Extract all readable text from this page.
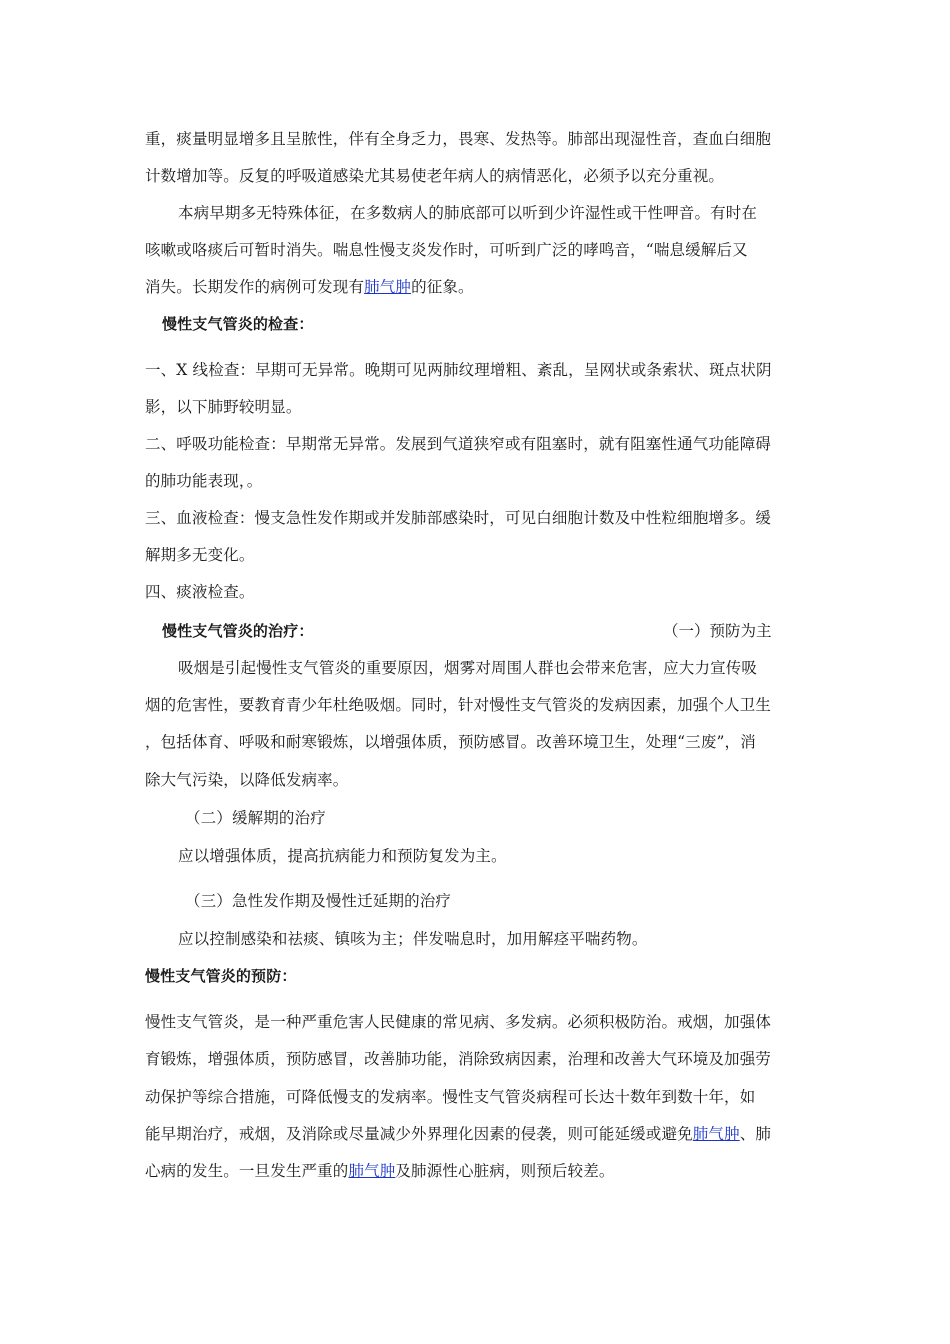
重，痰量明显增多且呈脓性，伴有全身乏力，畏寒、发热等。肺部出现湿性音，查血白细胞
计数增加等。反复的呼吸道感染尤其易使老年病人的病情恶化，必须予以充分重视。
本病早期多无特殊体征，在多数病人的肺底部可以听到少许湿性或干性呷音。有时在
咳嗽或咯痰后可暂时消失。喘息性慢支炎发作时，可听到广泛的哮鸣音，“喘息缓解后又
消失。长期发作的病例可发现有肺气肿的征象。
慢性支气管炎的检查：
一、X 线检查：早期可无异常。晚期可见两肺纹理增粗、紊乱，呈网状或条索状、斑点状阴
影，以下肺野较明显。
二、呼吸功能检查：早期常无异常。发展到气道狭窄或有阻塞时，就有阻塞性通气功能障碍
的肺功能表现，。
三、血液检查：慢支急性发作期或并发肺部感染时，可见白细胞计数及中性粒细胞增多。缓
解期多无变化。
四、痰液检查。
慢性支气管炎的治疗：	（一）预防为主
吸烟是引起慢性支气管炎的重要原因，烟雾对周围人群也会带来危害，应大力宣传吸
烟的危害性，要教育青少年杜绝吸烟。同时，针对慢性支气管炎的发病因素，加强个人卫生
，包括体育、呼吸和耐寒锻炼，以增强体质，预防感冒。改善环境卫生，处理“三废”，消
除大气污染，以降低发病率。
（二）缓解期的治疗
应以增强体质，提高抗病能力和预防复发为主。
（三）急性发作期及慢性迁延期的治疗
应以控制感染和祛痰、镇咳为主；伴发喘息时，加用解痉平喘药物。
慢性支气管炎的预防：
慢性支气管炎，是一种严重危害人民健康的常见病、多发病。必须积极防治。戒烟，加强体
育锻炼，增强体质，预防感冒，改善肺功能，消除致病因素，治理和改善大气环境及加强劳
动保护等综合措施，可降低慢支的发病率。慢性支气管炎病程可长达十数年到数十年，如
能早期治疗，戒烟，及消除或尽量减少外界理化因素的侵袭，则可能延缓或避免肺气肿、肺
心病的发生。一旦发生严重的肺气肿及肺源性心脏病，则预后较差。
